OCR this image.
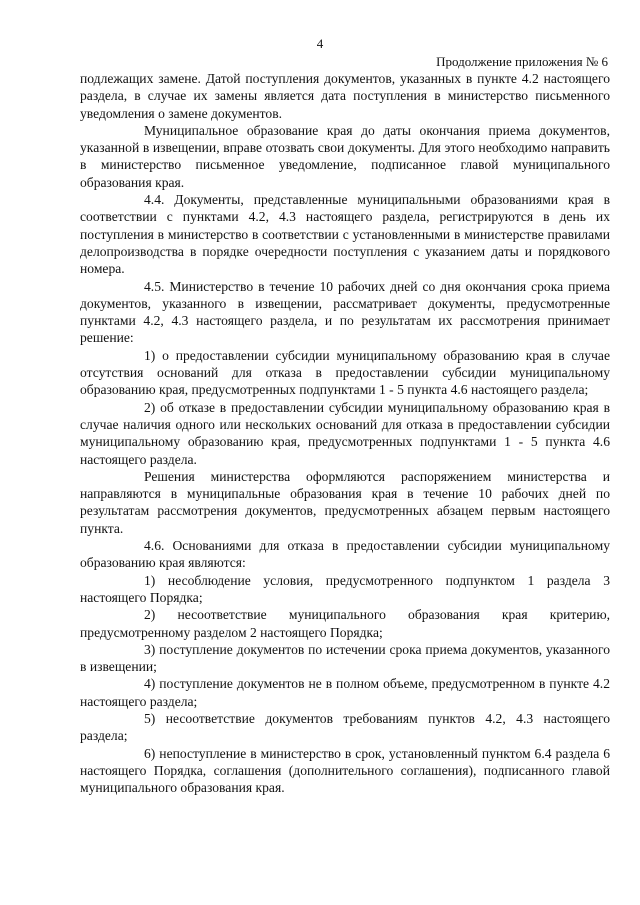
4
Продолжение приложения № 6

подлежащих замене. Датой поступления документов, указанных в пункте 4.2 настоящего раздела, в случае их замены является дата поступления в министерство письменного уведомления о замене документов.

Муниципальное образование края до даты окончания приема документов, указанной в извещении, вправе отозвать свои документы. Для этого необходимо направить в министерство письменное уведомление, подписанное главой муниципального образования края.

4.4. Документы, представленные муниципальными образованиями края в соответствии с пунктами 4.2, 4.3 настоящего раздела, регистрируются в день их поступления в министерство в соответствии с установленными в министерстве правилами делопроизводства в порядке очередности поступления с указанием даты и порядкового номера.

4.5. Министерство в течение 10 рабочих дней со дня окончания срока приема документов, указанного в извещении, рассматривает документы, предусмотренные пунктами 4.2, 4.3 настоящего раздела, и по результатам их рассмотрения принимает решение:

1) о предоставлении субсидии муниципальному образованию края в случае отсутствия оснований для отказа в предоставлении субсидии муниципальному образованию края, предусмотренных подпунктами 1 - 5 пункта 4.6 настоящего раздела;

2) об отказе в предоставлении субсидии муниципальному образованию края в случае наличия одного или нескольких оснований для отказа в предоставлении субсидии муниципальному образованию края, предусмотренных подпунктами 1 - 5 пункта 4.6 настоящего раздела.

Решения министерства оформляются распоряжением министерства и направляются в муниципальные образования края в течение 10 рабочих дней по результатам рассмотрения документов, предусмотренных абзацем первым настоящего пункта.

4.6. Основаниями для отказа в предоставлении субсидии муниципальному образованию края являются:

1) несоблюдение условия, предусмотренного подпунктом 1 раздела 3 настоящего Порядка;

2) несоответствие муниципального образования края критерию, предусмотренному разделом 2 настоящего Порядка;

3) поступление документов по истечении срока приема документов, указанного в извещении;

4) поступление документов не в полном объеме, предусмотренном в пункте 4.2 настоящего раздела;

5) несоответствие документов требованиям пунктов 4.2, 4.3 настоящего раздела;

6) непоступление в министерство в срок, установленный пунктом 6.4 раздела 6 настоящего Порядка, соглашения (дополнительного соглашения), подписанного главой муниципального образования края.
